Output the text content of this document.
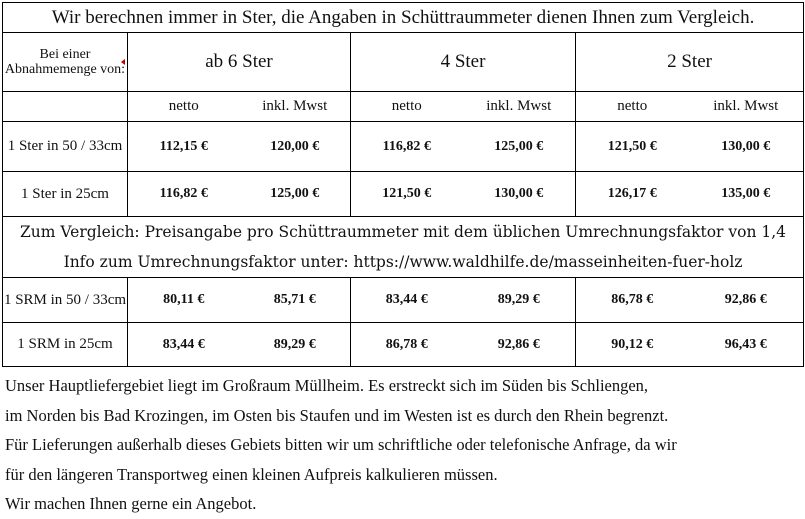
Wir berechnen immer in Ster, die Angaben in Schüttraummeter dienen Ihnen zum Vergleich.						
Bei einer Abnahmemenge von:	ab 6 Ster		4 Ster		2 Ster	
	netto	inkl. Mwst	netto	inkl. Mwst	netto	inkl. Mwst
1 Ster in 50 / 33cm	112,15 €	120,00 €	116,82 €	125,00 €	121,50 €	130,00 €
1 Ster in 25cm	116,82 €	125,00 €	121,50 €	130,00 €	126,17 €	135,00 €
Zum Vergleich: Preisangabe pro Schüttraummeter mit dem üblichen Umrechnungsfaktor von 1,4						
Info zum Umrechnungsfaktor unter: https://www.waldhilfe.de/masseinheiten-fuer-holz						
1 SRM in 50 / 33cm	80,11 €	85,71 €	83,44 €	89,29 €	86,78 €	92,86 €
1 SRM in 25cm	83,44 €	89,29 €	86,78 €	92,86 €	90,12 €	96,43 €
Unser Hauptliefergebiet liegt im Großraum Müllheim. Es erstreckt sich im Süden bis Schliengen,
im Norden bis Bad Krozingen, im Osten bis Staufen und im Westen ist es durch den Rhein begrenzt.
Für Lieferungen außerhalb dieses Gebiets bitten wir um schriftliche oder telefonische Anfrage, da wir
für den längeren Transportweg einen kleinen Aufpreis kalkulieren müssen.
Wir machen Ihnen gerne ein Angebot.
